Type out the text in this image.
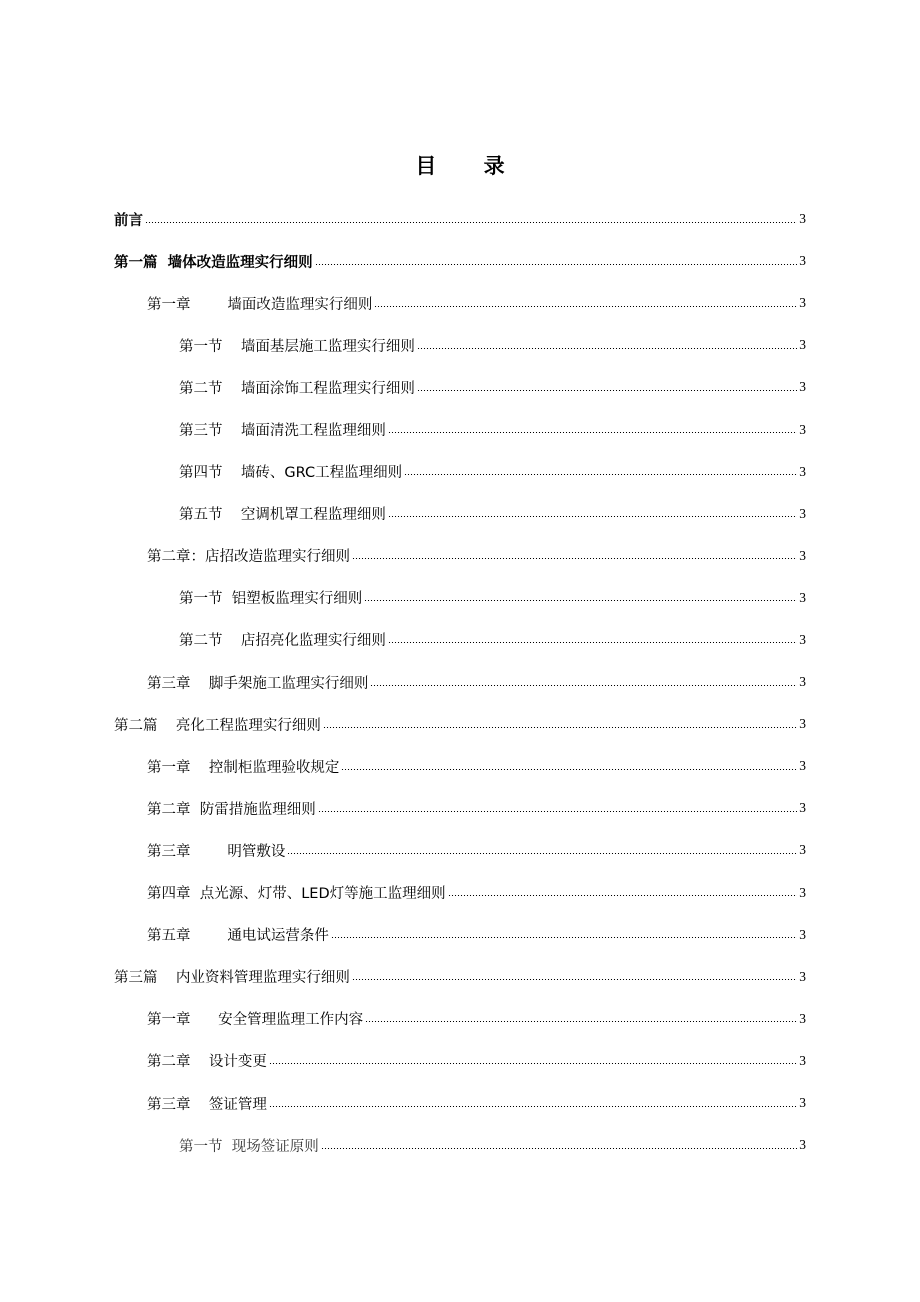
目 录
前言	3
第一篇  墙体改造监理实行细则	3
第一章        墙面改造监理实行细则	3
第一节    墙面基层施工监理实行细则	3
第二节    墙面涂饰工程监理实行细则	3
第三节    墙面清洗工程监理细则	3
第四节    墙砖、GRC工程监理细则	3
第五节    空调机罩工程监理细则	3
第二章：店招改造监理实行细则	3
第一节  铝塑板监理实行细则	3
第二节    店招亮化监理实行细则	3
第三章    脚手架施工监理实行细则	3
第二篇    亮化工程监理实行细则	3
第一章    控制柜监理验收规定	3
第二章  防雷措施监理细则	3
第三章        明管敷设	3
第四章  点光源、灯带、LED灯等施工监理细则	3
第五章        通电试运营条件	3
第三篇    内业资料管理监理实行细则	3
第一章      安全管理监理工作内容	3
第二章    设计变更	3
第三章    签证管理	3
第一节  现场签证原则	3
